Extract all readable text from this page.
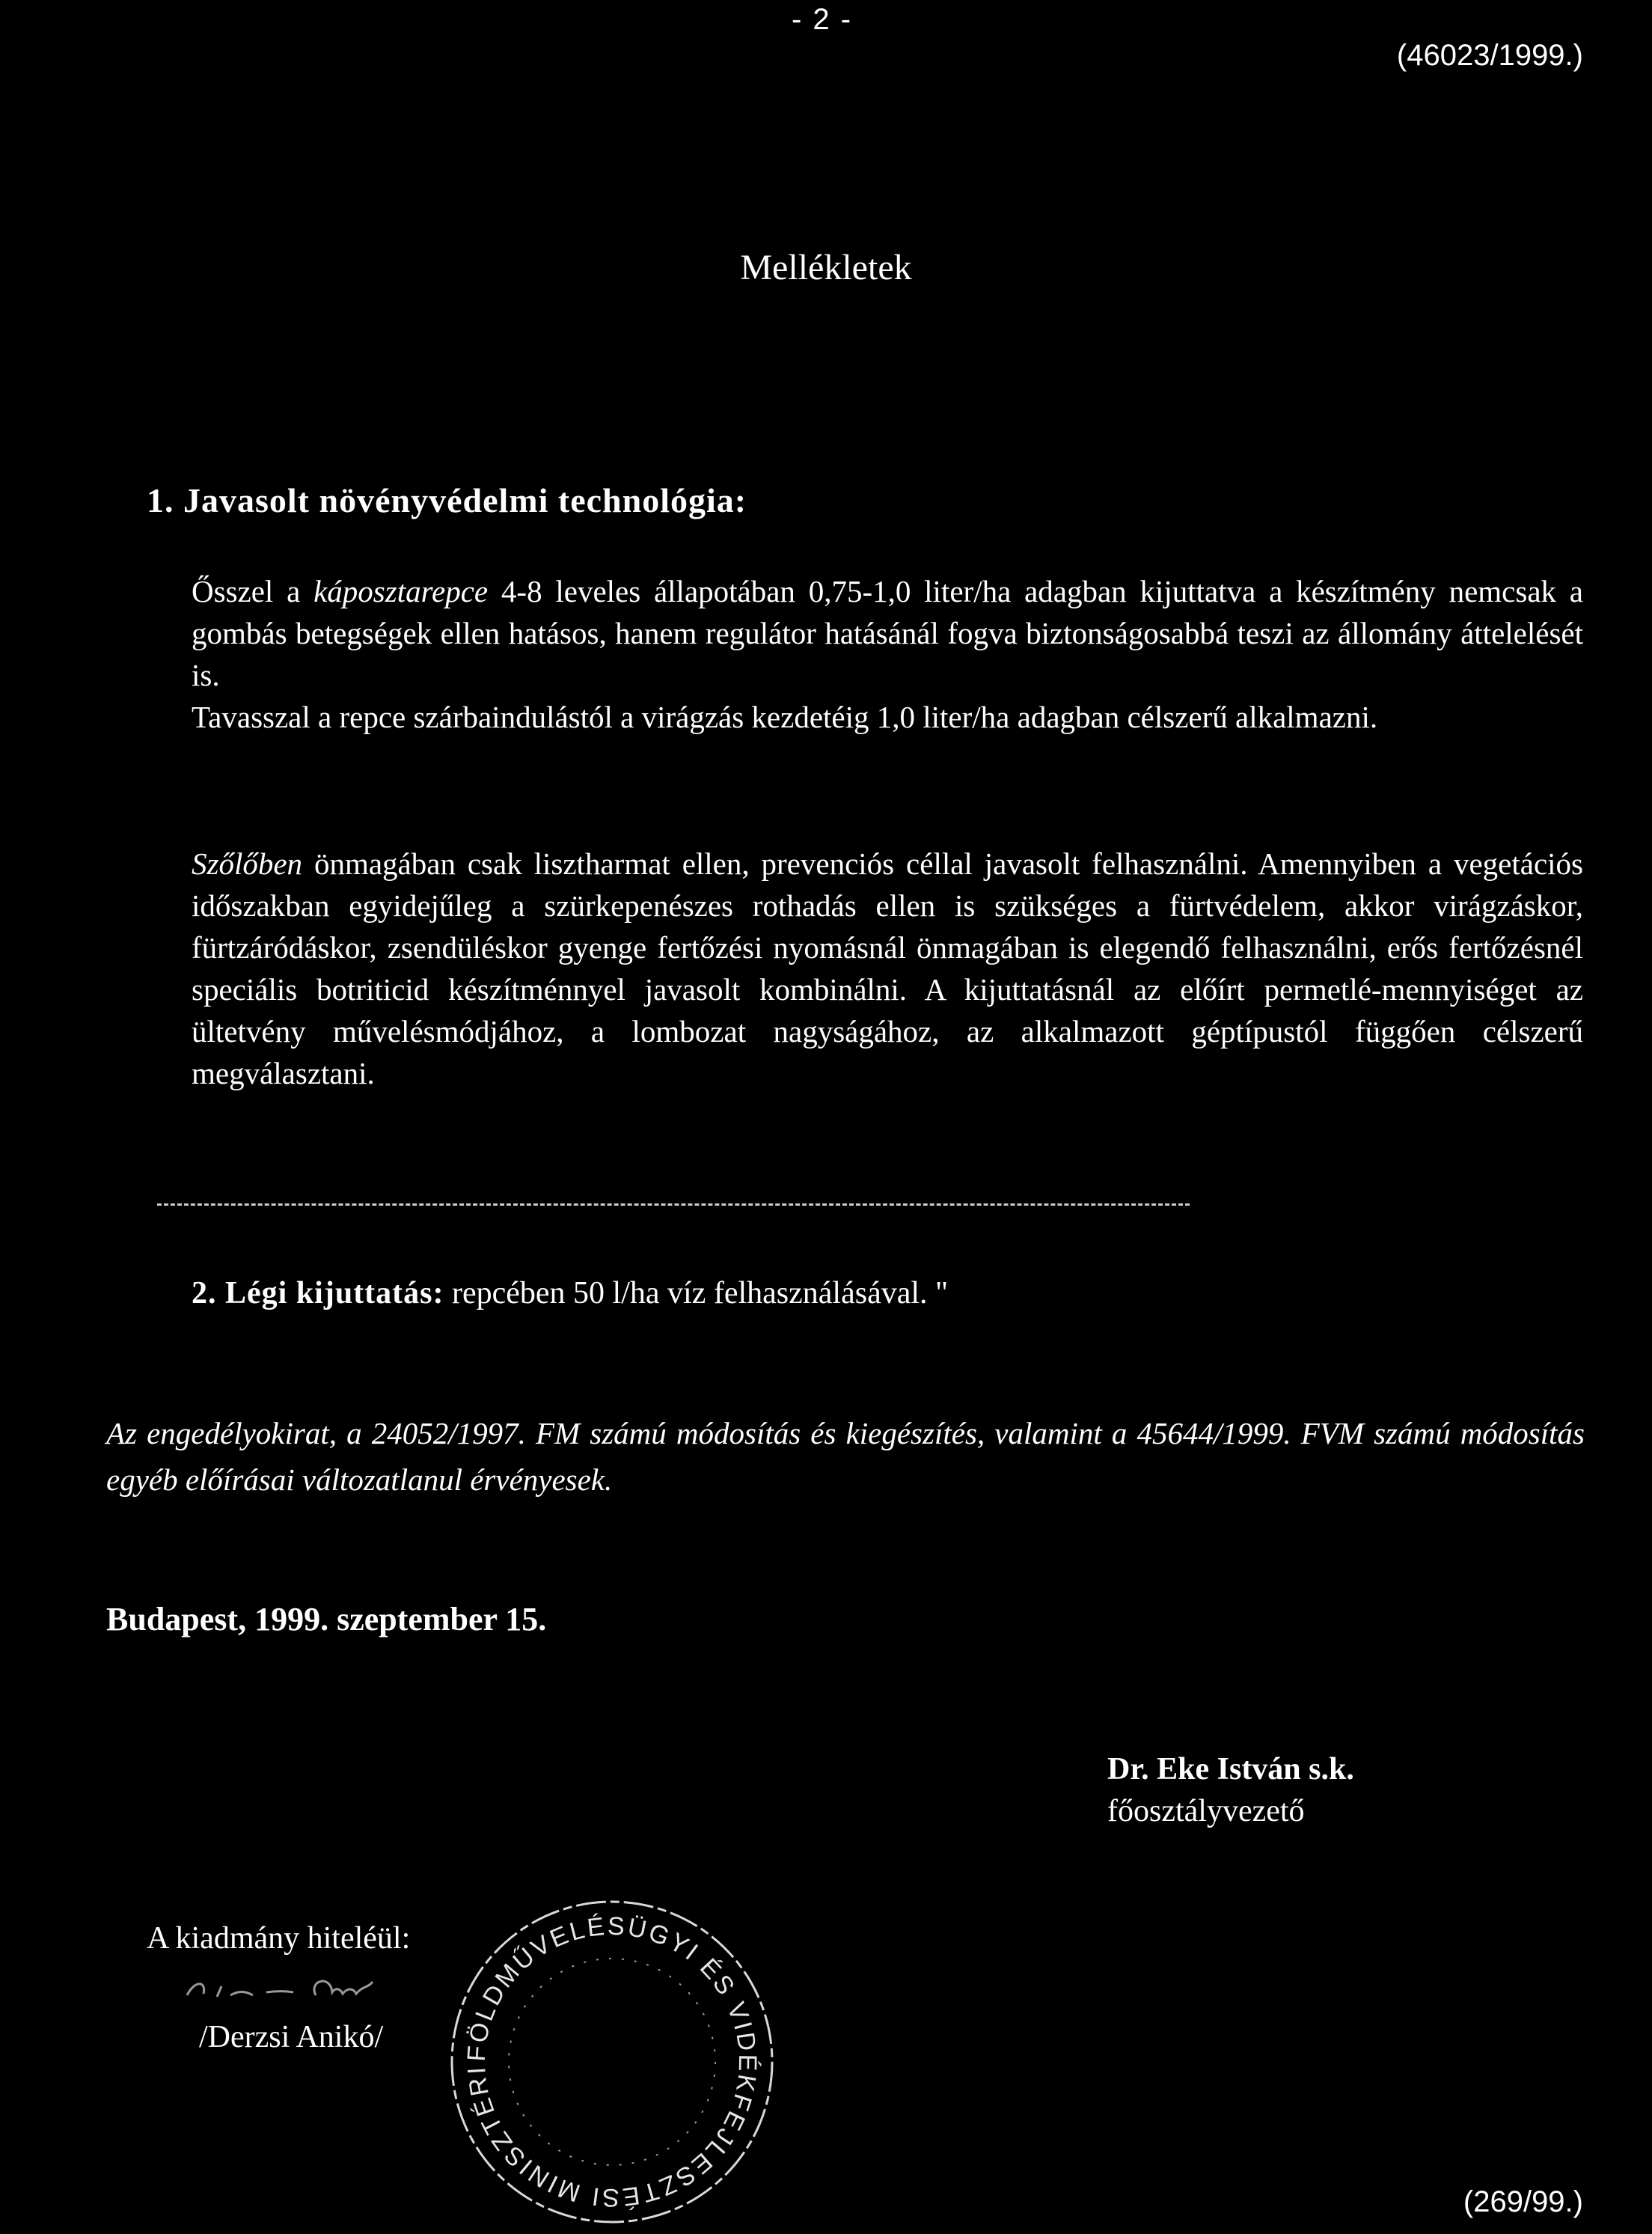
- 2 -
(46023/1999.)
Mellékletek
1. Javasolt növényvédelmi technológia:

Ősszel a káposztarepce 4-8 leveles állapotában 0,75-1,0 liter/ha adagban kijuttatva a készítmény nemcsak a gombás betegségek ellen hatásos, hanem regulátor hatásánál fogva biztonságosabbá teszi az állomány áttelelését is.

Tavasszal a repce szárbaindulástól a virágzás kezdetéig 1,0 liter/ha adagban célszerű alkalmazni.

Szőlőben önmagában csak lisztharmat ellen, prevenciós céllal javasolt felhasználni. Amennyiben a vegetációs időszakban egyidejűleg a szürkepenészes rothadás ellen is szükséges a fürtvédelem, akkor virágzáskor, fürtzáródáskor, zsendüléskor gyenge fertőzési nyomásnál önmagában is elegendő felhasználni, erős fertőzésnél speciális botriticid készítménnyel javasolt kombinálni. A kijuttatásnál az előírt permetlé-mennyiséget az ültetvény művelésmódjához, a lombozat nagyságához, az alkalmazott géptípustól függően célszerű megválasztani.

2. Légi kijuttatás: repcében 50 l/ha víz felhasználásával. "

Az engedélyokirat, a 24052/1997. FM számú módosítás és kiegészítés, valamint a 45644/1999. FVM számú módosítás egyéb előírásai változatlanul érvényesek.

Budapest, 1999. szeptember 15.
Dr. Eke István s.k.
főosztályvezető
A kiadmány hiteléül:
/Derzsi Anikó/	FÖLDMŰVELÉSÜGYI ÉS VIDÉKFEJLESZTÉSI MINISZTÉRI
(269/99.)
